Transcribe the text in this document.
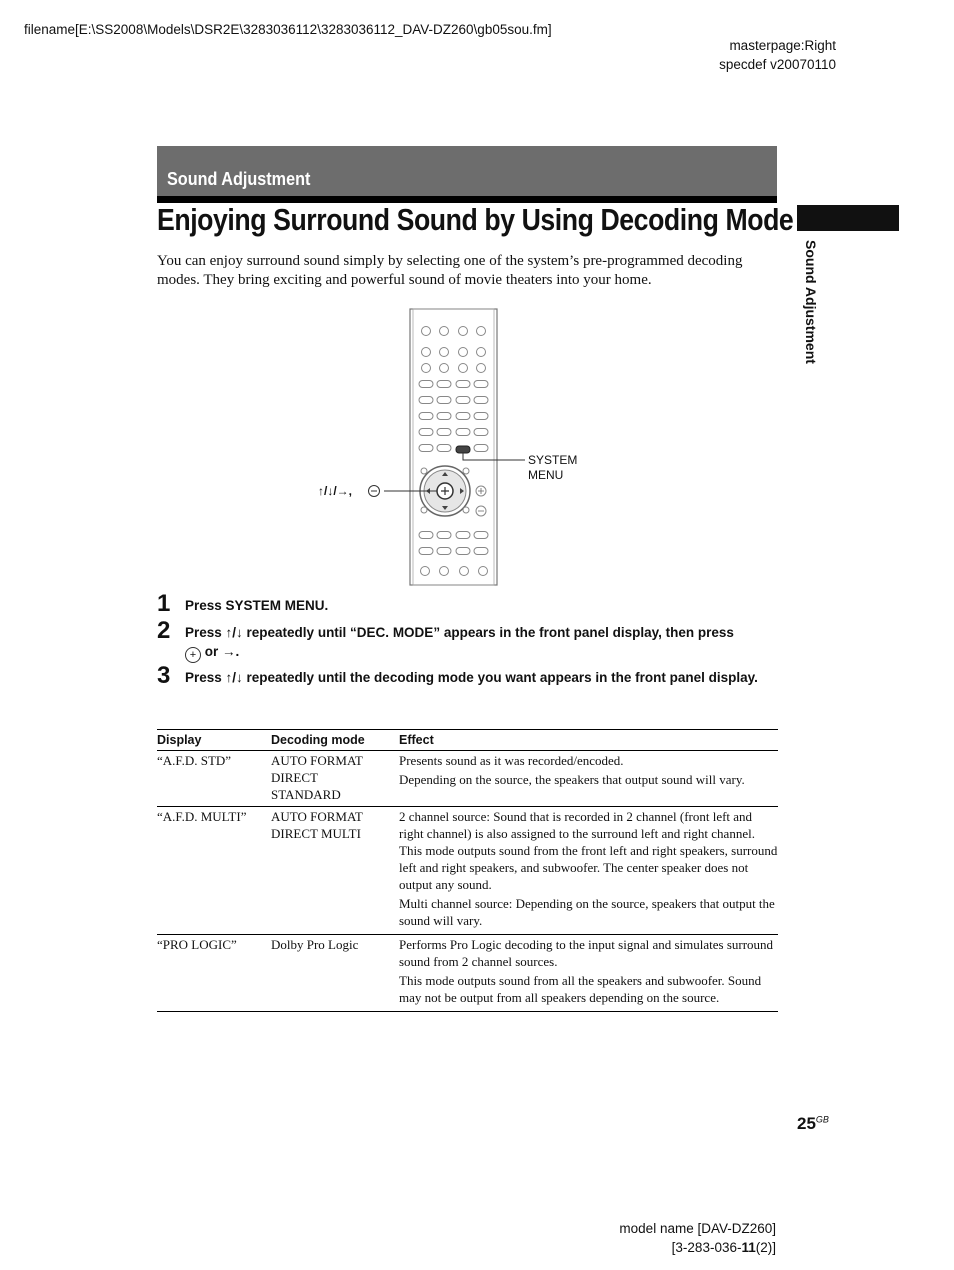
filename[E:\SS2008\Models\DSR2E\3283036112\3283036112_DAV-DZ260\gb05sou.fm]
masterpage:Right
specdef v20070110
Sound Adjustment
Enjoying Surround Sound by Using Decoding Mode
Sound Adjustment
You can enjoy surround sound simply by selecting one of the system’s pre-programmed decoding modes. They bring exciting and powerful sound of movie theaters into your home.
SYSTEM
MENU
↑/↓/→,
1 Press SYSTEM MENU.
2 Press ↑/↓ repeatedly until “DEC. MODE” appears in the front panel display, then press
+ or →.
3 Press ↑/↓ repeatedly until the decoding mode you want appears in the front panel display.
Display	Decoding mode	Effect
“A.F.D. STD”	AUTO FORMAT DIRECT STANDARD	Presents sound as it was recorded/encoded.

Depending on the source, the speakers that output sound will vary.

“A.F.D. MULTI”	AUTO FORMAT DIRECT MULTI	2 channel source: Sound that is recorded in 2 channel (front left and right channel) is also assigned to the surround left and right channel. This mode outputs sound from the front left and right speakers, surround left and right speakers, and subwoofer. The center speaker does not output any sound.

Multi channel source: Depending on the source, speakers that output the sound will vary.

“PRO LOGIC”	Dolby Pro Logic	Performs Pro Logic decoding to the input signal and simulates surround sound from 2 channel sources.

This mode outputs sound from all the speakers and subwoofer. Sound may not be output from all speakers depending on the source.

$25^{GB}$
model name [DAV-DZ260]
[3-283-036-11(2)]
